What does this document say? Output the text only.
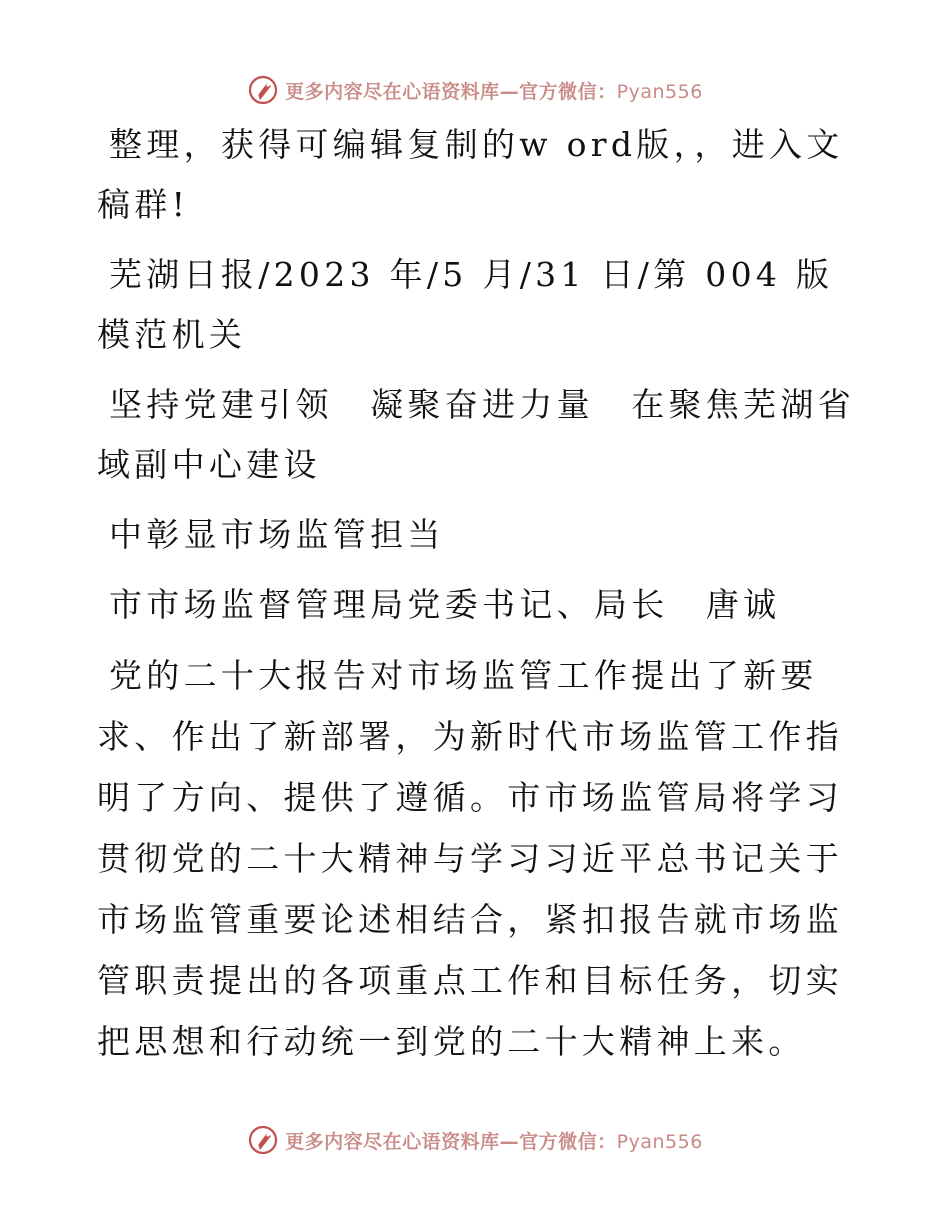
更多内容尽在心语资料库—官方微信：Pyan556

整理，获得可编辑复制的w ord版，，进入文稿群!

芜湖日报/2023 年/5 月/31 日/第 004 版模范机关

坚持党建引领　凝聚奋进力量　在聚焦芜湖省域副中心建设

中彰显市场监管担当

市市场监督管理局党委书记、局长　唐诚

党的二十大报告对市场监管工作提出了新要求、作出了新部署，为新时代市场监管工作指明了方向、提供了遵循。市市场监管局将学习贯彻党的二十大精神与学习习近平总书记关于市场监管重要论述相结合，紧扣报告就市场监管职责提出的各项重点工作和目标任务，切实把思想和行动统一到党的二十大精神上来。

更多内容尽在心语资料库—官方微信：Pyan556
